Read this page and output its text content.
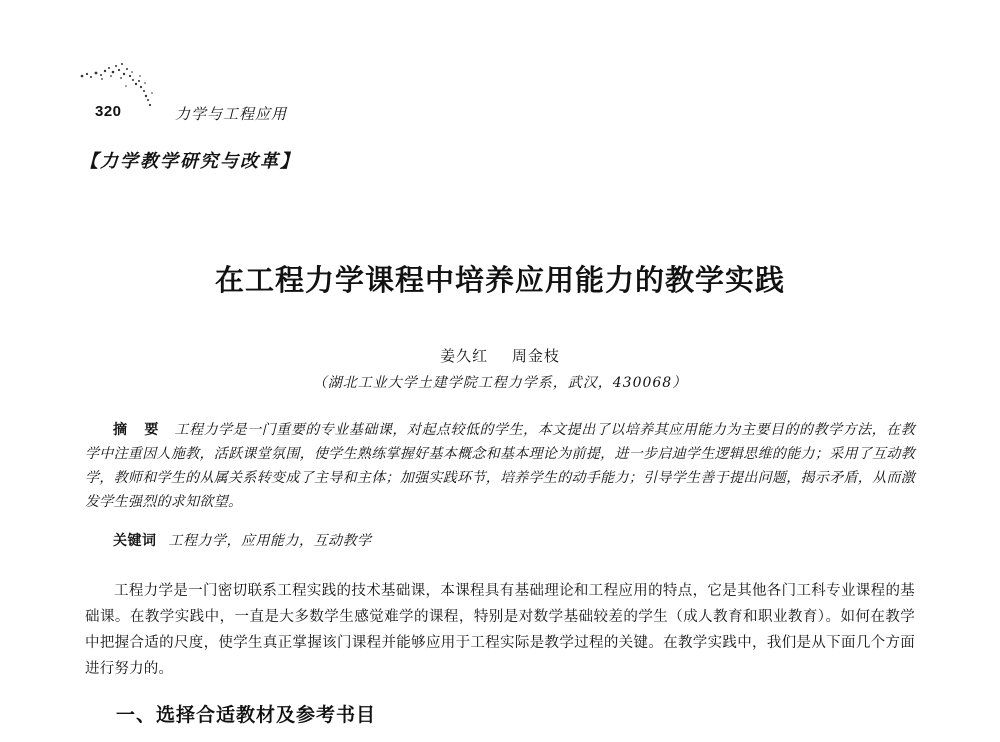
320	力学与工程应用
【力学教学研究与改革】
在工程力学课程中培养应用能力的教学实践
姜久红 周金枝
（湖北工业大学土建学院工程力学系，武汉，430068）
摘 要 工程力学是一门重要的专业基础课，对起点较低的学生，本文提出了以培养其应用能力为主要目的的教学方法，在教学中注重因人施教，活跃课堂氛围，使学生熟练掌握好基本概念和基本理论为前提，进一步启迪学生逻辑思维的能力；采用了互动教学，教师和学生的从属关系转变成了主导和主体；加强实践环节，培养学生的动手能力；引导学生善于提出问题，揭示矛盾，从而激发学生强烈的求知欲望。
关键词 工程力学，应用能力，互动教学
工程力学是一门密切联系工程实践的技术基础课，本课程具有基础理论和工程应用的特点，它是其他各门工科专业课程的基础课。在教学实践中，一直是大多数学生感觉难学的课程，特别是对数学基础较差的学生（成人教育和职业教育）。如何在教学中把握合适的尺度，使学生真正掌握该门课程并能够应用于工程实际是教学过程的关键。在教学实践中，我们是从下面几个方面进行努力的。
一、选择合适教材及参考书目
